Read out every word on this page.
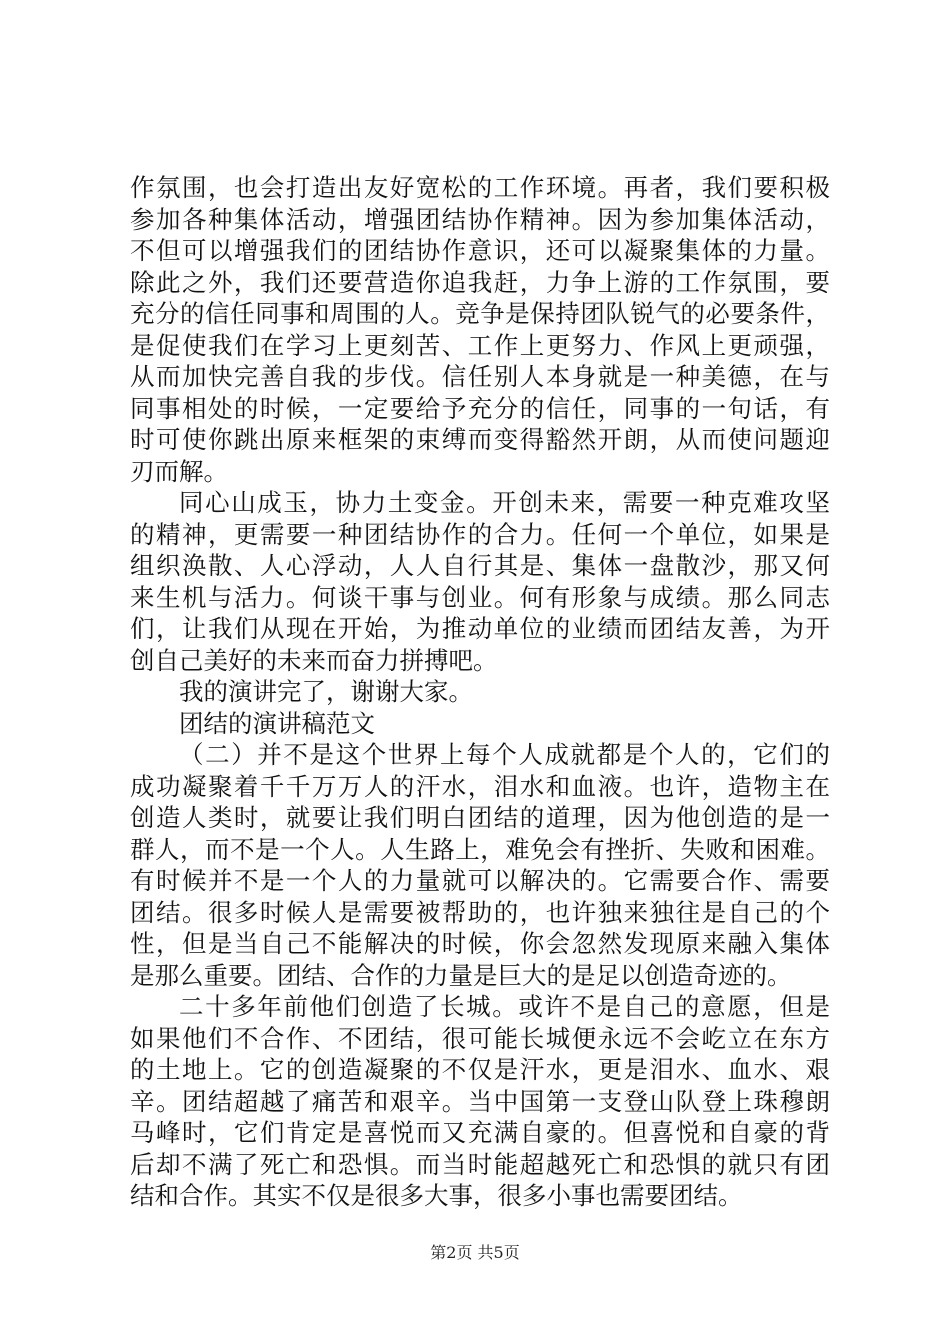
作氛围，也会打造出友好宽松的工作环境。再者，我们要积极
参加各种集体活动，增强团结协作精神。因为参加集体活动，
不但可以增强我们的团结协作意识，还可以凝聚集体的力量。
除此之外，我们还要营造你追我赶，力争上游的工作氛围，要
充分的信任同事和周围的人。竞争是保持团队锐气的必要条件，
是促使我们在学习上更刻苦、工作上更努力、作风上更顽强，
从而加快完善自我的步伐。信任别人本身就是一种美德，在与
同事相处的时候，一定要给予充分的信任，同事的一句话，有
时可使你跳出原来框架的束缚而变得豁然开朗，从而使问题迎
刃而解。
同心山成玉，协力土变金。开创未来，需要一种克难攻坚
的精神，更需要一种团结协作的合力。任何一个单位，如果是
组织涣散、人心浮动，人人自行其是、集体一盘散沙，那又何
来生机与活力。何谈干事与创业。何有形象与成绩。那么同志
们，让我们从现在开始，为推动单位的业绩而团结友善，为开
创自己美好的未来而奋力拼搏吧。
我的演讲完了，谢谢大家。
团结的演讲稿范文
（二）并不是这个世界上每个人成就都是个人的，它们的
成功凝聚着千千万万人的汗水，泪水和血液。也许，造物主在
创造人类时，就要让我们明白团结的道理，因为他创造的是一
群人，而不是一个人。人生路上，难免会有挫折、失败和困难。
有时候并不是一个人的力量就可以解决的。它需要合作、需要
团结。很多时候人是需要被帮助的，也许独来独往是自己的个
性，但是当自己不能解决的时候，你会忽然发现原来融入集体
是那么重要。团结、合作的力量是巨大的是足以创造奇迹的。
二十多年前他们创造了长城。或许不是自己的意愿，但是
如果他们不合作、不团结，很可能长城便永远不会屹立在东方
的土地上。它的创造凝聚的不仅是汗水，更是泪水、血水、艰
辛。团结超越了痛苦和艰辛。当中国第一支登山队登上珠穆朗
马峰时，它们肯定是喜悦而又充满自豪的。但喜悦和自豪的背
后却不满了死亡和恐惧。而当时能超越死亡和恐惧的就只有团
结和合作。其实不仅是很多大事，很多小事也需要团结。
第2页 共5页
